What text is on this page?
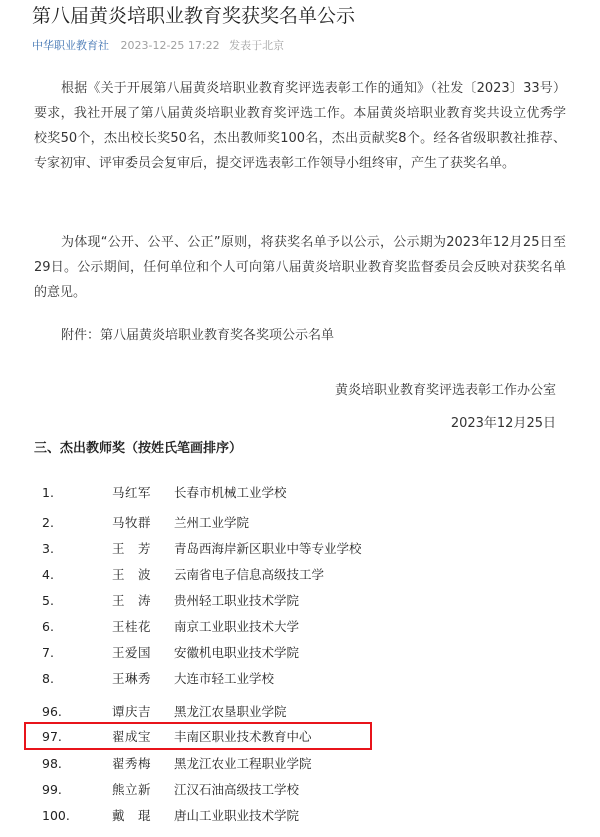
第八届黄炎培职业教育奖获奖名单公示
中华职业教育社 2023-12-25 17:22 发表于北京

根据《关于开展第八届黄炎培职业教育奖评选表彰工作的通知》（社发〔2023〕33号）要求，我社开展了第八届黄炎培职业教育奖评选工作。本届黄炎培职业教育奖共设立优秀学校奖50个，杰出校长奖50名，杰出教师奖100名，杰出贡献奖8个。经各省级职教社推荐、专家初审、评审委员会复审后，提交评选表彰工作领导小组终审，产生了获奖名单。

为体现“公开、公平、公正”原则，将获奖名单予以公示，公示期为2023年12月25日至29日。公示期间，任何单位和个人可向第八届黄炎培职业教育奖监督委员会反映对获奖名单的意见。

附件：第八届黄炎培职业教育奖各奖项公示名单

黄炎培职业教育奖评选表彰工作办公室
2023年12月25日
三、杰出教师奖（按姓氏笔画排序）
1.	马红军 长春市机械工业学校
2.	马牧群 兰州工业学院
3.	王　芳 青岛西海岸新区职业中等专业学校
4.	王　波 云南省电子信息高级技工学
5.	王　涛 贵州轻工职业技术学院
6.	王桂花 南京工业职业技术大学
7.	王爱国 安徽机电职业技术学院
8.	王琳秀 大连市轻工业学校
96.	谭庆吉 黑龙江农垦职业学院
97.	翟成宝 丰南区职业技术教育中心
98.	翟秀梅 黑龙江农业工程职业学院
99.	熊立新 江汉石油高级技工学校
100.	戴　琨 唐山工业职业技术学院
